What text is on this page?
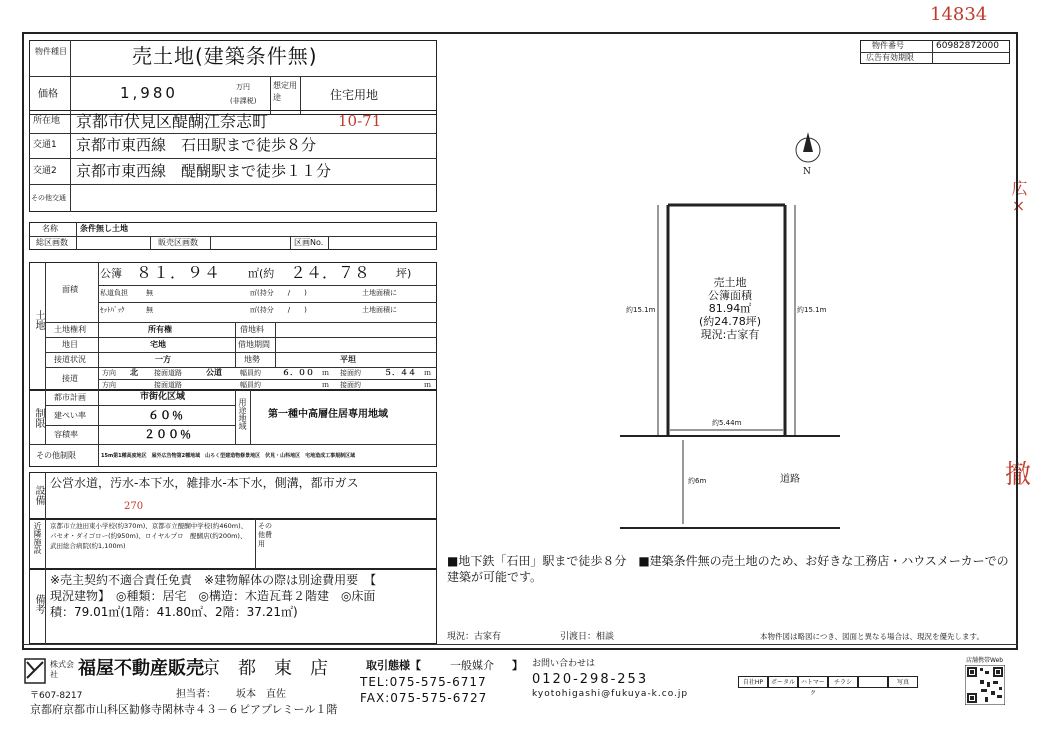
14834
広×
撤
物件種目	売土地(建築条件無)
価格	1,980	万円
(非課税)
想定用途	住宅用地
物件番号	60982872000
広告有効期限
所在地 京都市伏見区醍醐江奈志町	10-71
交通1 京都市東西線　石田駅まで徒歩８分
交通2 京都市東西線　醍醐駅まで徒歩１１分
その他交通
名称	条件無し土地
総区画数	販売区画数	区画No.
土地
面積
公簿 ８１．９４ ㎡(約 ２４．７８ 坪)
私道負担	無	㎡(持分　　/　　)	土地面積に
ｾｯﾄﾊﾞｯｸ	無	㎡(持分　　/　　)	土地面積に
土地権利	所有権	借地料
地目	宅地	借地期間
接道状況	一方	地勢	平坦
接道
方向 北 接面道路	公道	幅員約	６．００ ｍ 接面約	５．４４ ｍ
方向	接面道路	幅員約	ｍ 接面約	ｍ
制限
都市計画	市街化区域
建ぺい率	６０％
容積率	２００％
用途地域 第一種中高層住居専用地域
その他制限	15m第1種高度地区　屋外広告物第2種地域　山ろく型建造物修景地区　伏見・山科地区　宅地造成工事規制区域
設備
公営水道，汚水-本下水，雑排水-本下水，側溝，都市ガス
270
近隣施設 京都市立池田東小学校(約370m)、京都市立醍醐中学校(約460m)、パセオ・ダイゴロー(約950m)、ロイヤルプロ　醍醐店(約200m)、武田総合病院(約1,100m)
その他費用
備考
※売主契約不適合責任免責　※建物解体の際は別途費用要　【
現況建物】　◎種類：居宅　◎構造：木造瓦葺２階建　◎床面
積：79.01㎡(1階：41.80㎡、2階：37.21㎡)
N
売土地
公簿面積
81.94㎡
(約24.78坪)
現況:古家有
約15.1m	約15.1m
約5.44m
約6m	道路
■地下鉄「石田」駅まで徒歩８分　■建築条件無の売土地のため、お好きな工務店・ハウスメーカーでの建築が可能です。
現況：古家有	引渡日：相談	本物件図は略図につき、図面と異なる場合は、現況を優先します。
株式会社	福屋不動産販売
京　都　東　店
〒607-8217
京都府京都市山科区勧修寺閑林寺４３－６ピアプレミール１階
担当者： 坂本　直佐
取引態様【	一般媒介 】 お問い合わせは
TEL:075-575-6717
FAX:075-575-6727
0120-298-253
kyotohigashi@fukuya-k.co.jp
自社HP	ポータル	ハトマーク
チラシ	写真
店舗携帯Web
